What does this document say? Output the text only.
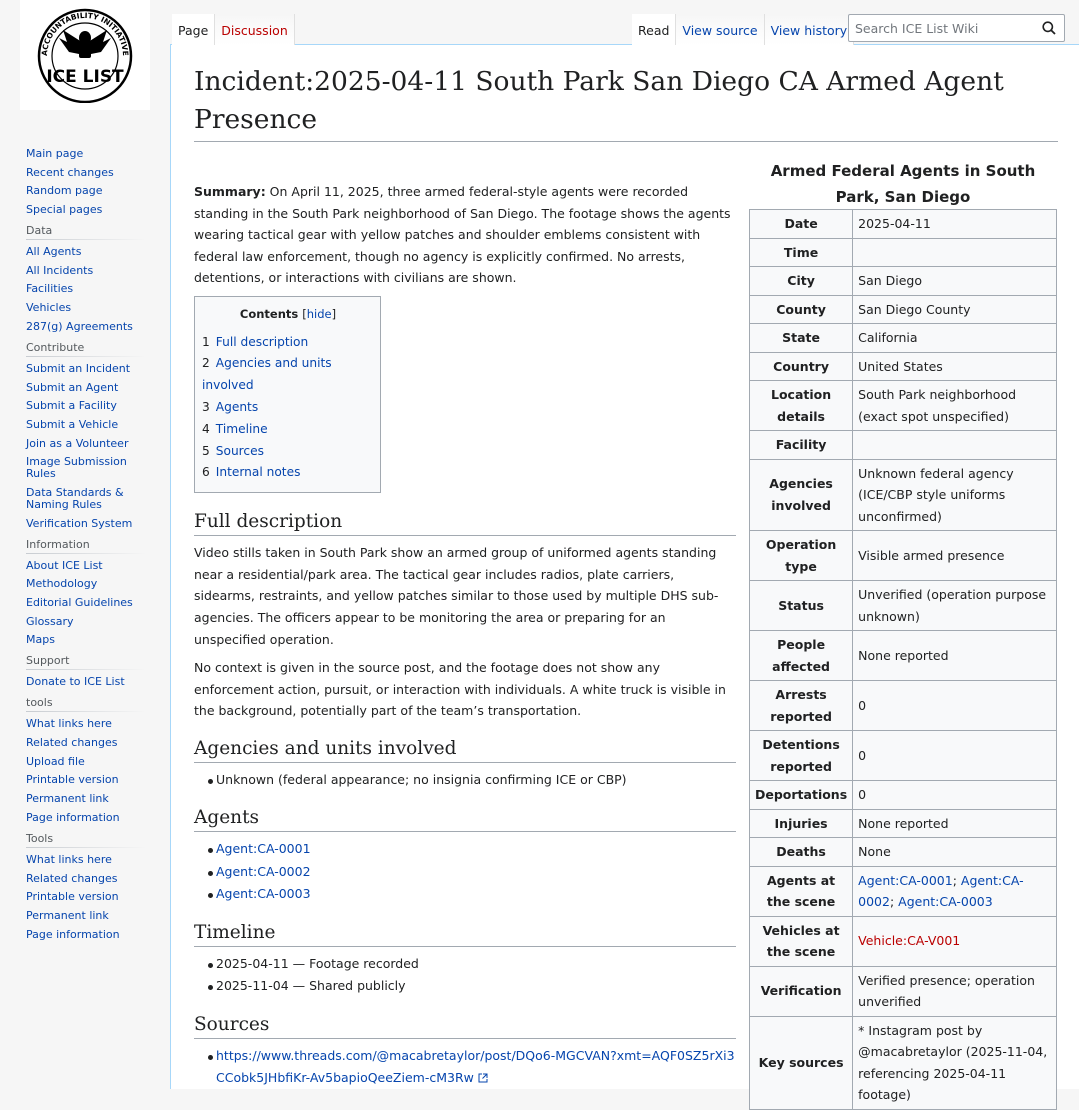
ACCOUNTABILITY INITIATIVE
ICE LIST
Main page
Recent changes
Random page
Special pages
Data
All Agents
All Incidents
Facilities
Vehicles
287(g) Agreements
Contribute
Submit an Incident
Submit an Agent
Submit a Facility
Submit a Vehicle
Join as a Volunteer
Image Submission Rules
Data Standards & Naming Rules
Verification System
Information
About ICE List
Methodology
Editorial Guidelines
Glossary
Maps
Support
Donate to ICE List
tools
What links here
Related changes
Upload file
Printable version
Permanent link
Page information
Tools
What links here
Related changes
Printable version
Permanent link
Page information
Incident:2025-04-11 South Park San Diego CA Armed Agent Presence

Summary: On April 11, 2025, three armed federal-style agents were recorded standing in the South Park neighborhood of San Diego. The footage shows the agents wearing tactical gear with yellow patches and shoulder emblems consistent with federal law enforcement, though no agency is explicitly confirmed. No arrests, detentions, or interactions with civilians are shown.

Contents [hide]
1 Full description
2 Agencies and units involved
3 Agents
4 Timeline
5 Sources
6 Internal notes
Full description

Video stills taken in South Park show an armed group of uniformed agents standing near a residential/park area. The tactical gear includes radios, plate carriers, sidearms, restraints, and yellow patches similar to those used by multiple DHS sub-agencies. The officers appear to be monitoring the area or preparing for an unspecified operation.

No context is given in the source post, and the footage does not show any enforcement action, pursuit, or interaction with individuals. A white truck is visible in the background, potentially part of the team’s transportation.

Agencies and units involved
Unknown (federal appearance; no insignia confirming ICE or CBP)
Agents
Agent:CA-0001
Agent:CA-0002
Agent:CA-0003
Timeline
2025-04-11 — Footage recorded
2025-11-04 — Shared publicly
Sources
https://www.threads.com/@macabretaylor/post/DQo6-MGCVAN?xmt=AQF0SZ5rXi3CCobk5JHbfiKr-Av5bapioQeeZiem-cM3Rw
Armed Federal Agents in South Park, San Diego
Date	2025-04-11
Time	
City	San Diego
County	San Diego County
State	California
Country	United States
Location details	South Park neighborhood (exact spot unspecified)
Facility	
Agencies involved	Unknown federal agency (ICE/CBP style uniforms unconfirmed)
Operation type	Visible armed presence
Status	Unverified (operation purpose unknown)
People affected	None reported
Arrests reported	0
Detentions reported	0
Deportations	0
Injuries	None reported
Deaths	None
Agents at the scene	Agent:CA-0001; Agent:CA-0002; Agent:CA-0003
Vehicles at the scene	Vehicle:CA-V001
Verification	Verified presence; operation unverified
Key sources	* Instagram post by @macabretaylor (2025-11-04, referencing 2025-04-11 footage)
Page	Discussion	Read	View source	View history
Search ICE List Wiki
